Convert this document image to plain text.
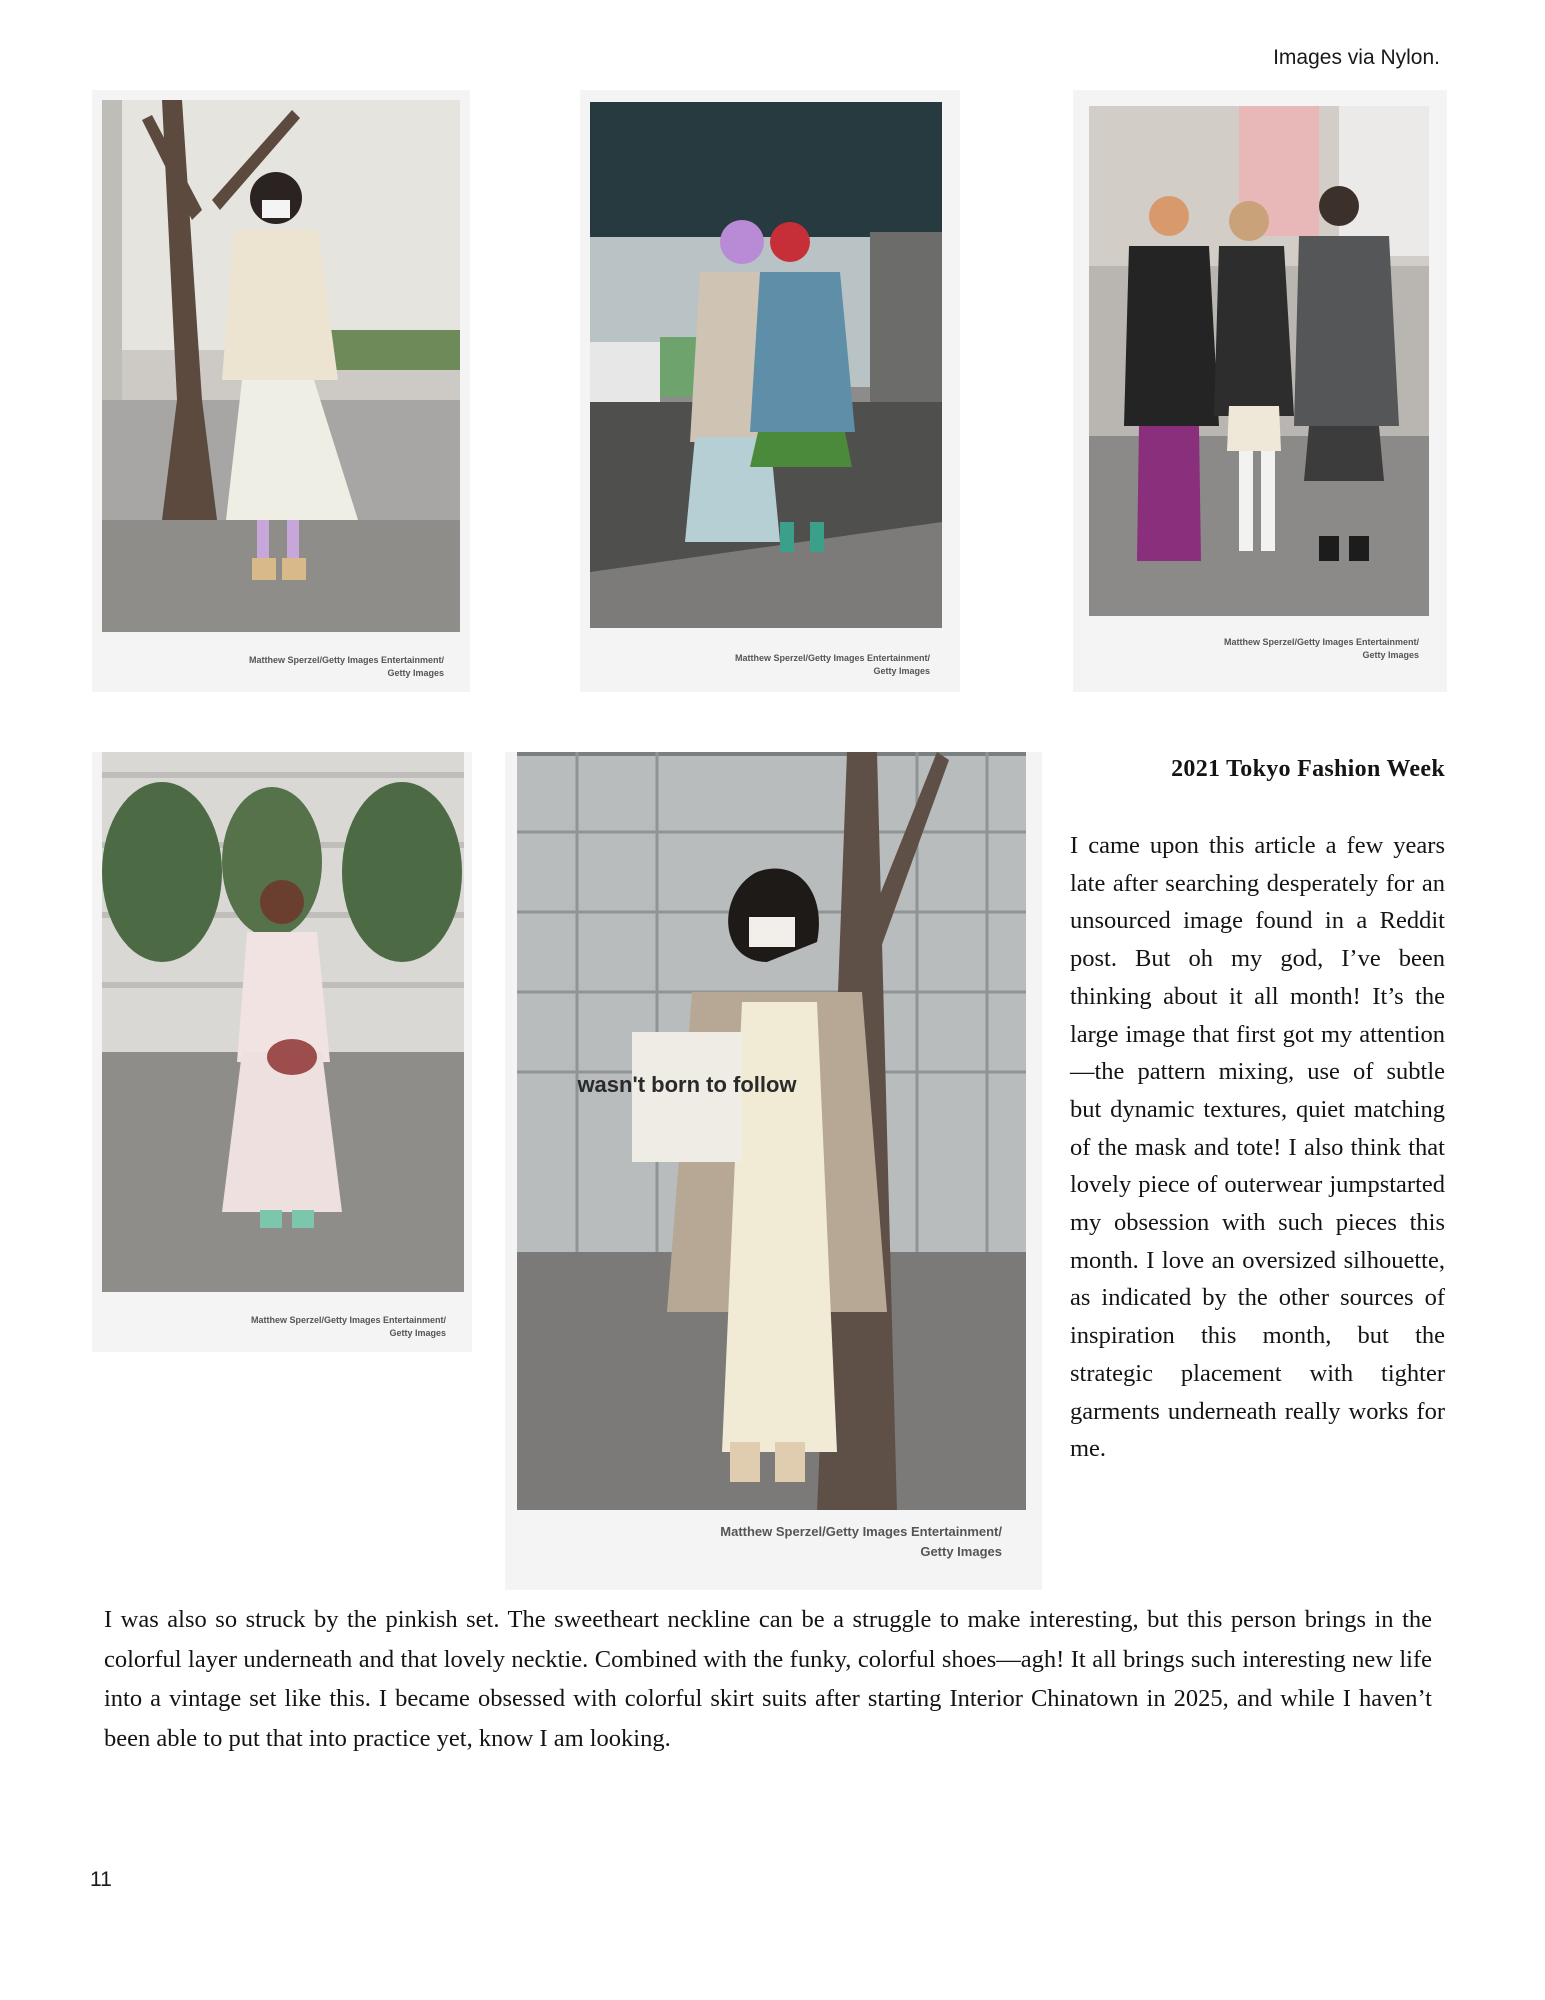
Images via Nylon.
Matthew Sperzel/Getty Images Entertainment/
Getty Images
Matthew Sperzel/Getty Images Entertainment/
Getty Images
Matthew Sperzel/Getty Images Entertainment/
Getty Images
Matthew Sperzel/Getty Images Entertainment/
Getty Images
wasn't born to follow
Matthew Sperzel/Getty Images Entertainment/
Getty Images
2021 Tokyo Fashion Week
I came upon this article a few years late after searching desperately for an unsourced image found in a Reddit post. But oh my god, I’ve been thinking about it all month! It’s the large image that first got my attention—the pattern mixing, use of subtle but dynamic textures, quiet matching of the mask and tote! I also think that lovely piece of outerwear jumpstarted my obsession with such pieces this month. I love an oversized silhouette, as indicated by the other sources of inspiration this month, but the strategic placement with tighter garments underneath really works for me.
I was also so struck by the pinkish set. The sweetheart neckline can be a struggle to make interesting, but this person brings in the colorful layer underneath and that lovely necktie. Combined with the funky, colorful shoes—agh! It all brings such interesting new life into a vintage set like this. I became obsessed with colorful skirt suits after starting Interior Chinatown in 2025, and while I haven’t been able to put that into practice yet, know I am looking.
11
